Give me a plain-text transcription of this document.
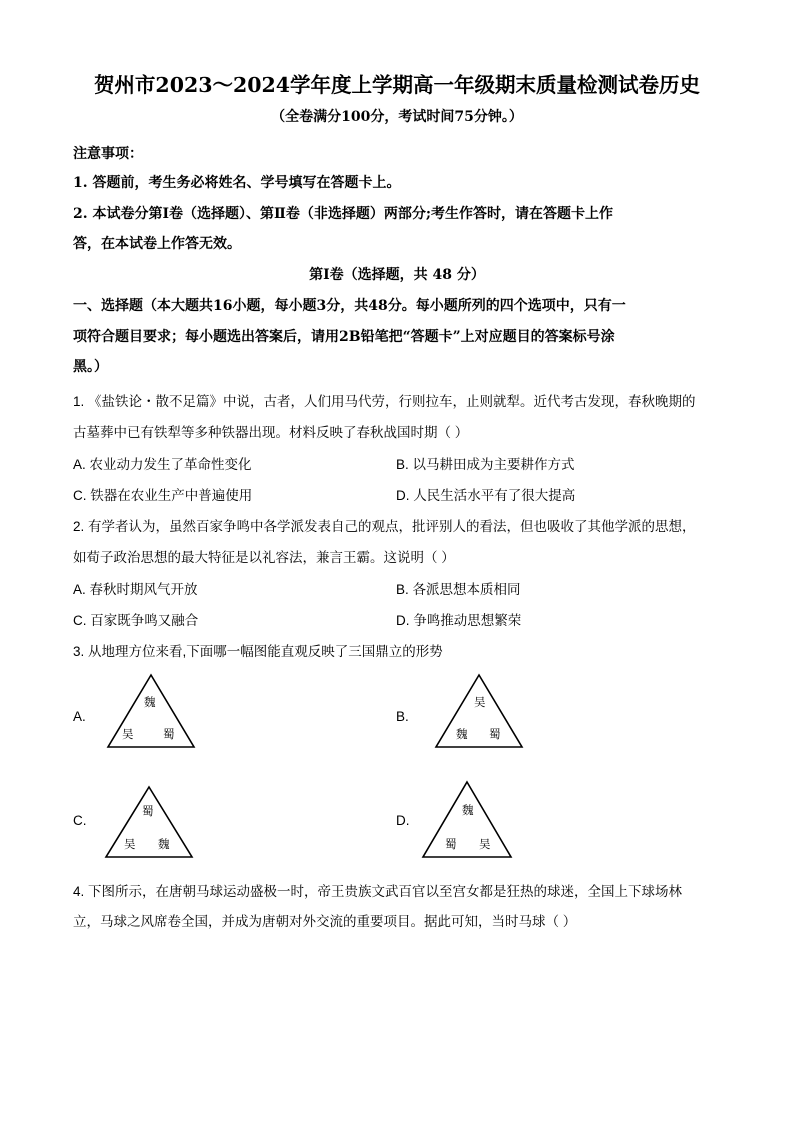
贺州市2023～2024学年度上学期高一年级期末质量检测试卷历史
（全卷满分100分，考试时间75分钟。）
注意事项：
1. 答题前，考生务必将姓名、学号填写在答题卡上。
2. 本试卷分第Ⅰ卷（选择题）、第Ⅱ卷（非选择题）两部分;考生作答时，请在答题卡上作
答，在本试卷上作答无效。
第Ⅰ卷（选择题，共 48 分）
一、选择题（本大题共16小题，每小题3分，共48分。每小题所列的四个选项中，只有一
项符合题目要求；每小题选出答案后，请用2B铅笔把“答题卡”上对应题目的答案标号涂
黑。）
1. 《盐铁论・散不足篇》中说，古者，人们用马代劳，行则拉车，止则就犁。近代考古发现，春秋晚期的
古墓葬中已有铁犁等多种铁器出现。材料反映了春秋战国时期（ ）
A. 农业动力发生了革命性变化	B. 以马耕田成为主要耕作方式
C. 铁器在农业生产中普遍使用	D. 人民生活水平有了很大提高
2. 有学者认为，虽然百家争鸣中各学派发表自己的观点，批评别人的看法，但也吸收了其他学派的思想，
如荀子政治思想的最大特征是以礼容法，兼言王霸。这说明（ ）
A. 春秋时期风气开放	B. 各派思想本质相同
C. 百家既争鸣又融合	D. 争鸣推动思想繁荣
3. 从地理方位来看,下面哪一幅图能直观反映了三国鼎立的形势
A.
魏
吴	蜀
B.
吴
魏 蜀
C.
蜀
吴 魏
D.
魏
蜀 吴
4. 下图所示，在唐朝马球运动盛极一时，帝王贵族文武百官以至宫女都是狂热的球迷，全国上下球场林
立，马球之风席卷全国，并成为唐朝对外交流的重要项目。据此可知，当时马球（ ）
